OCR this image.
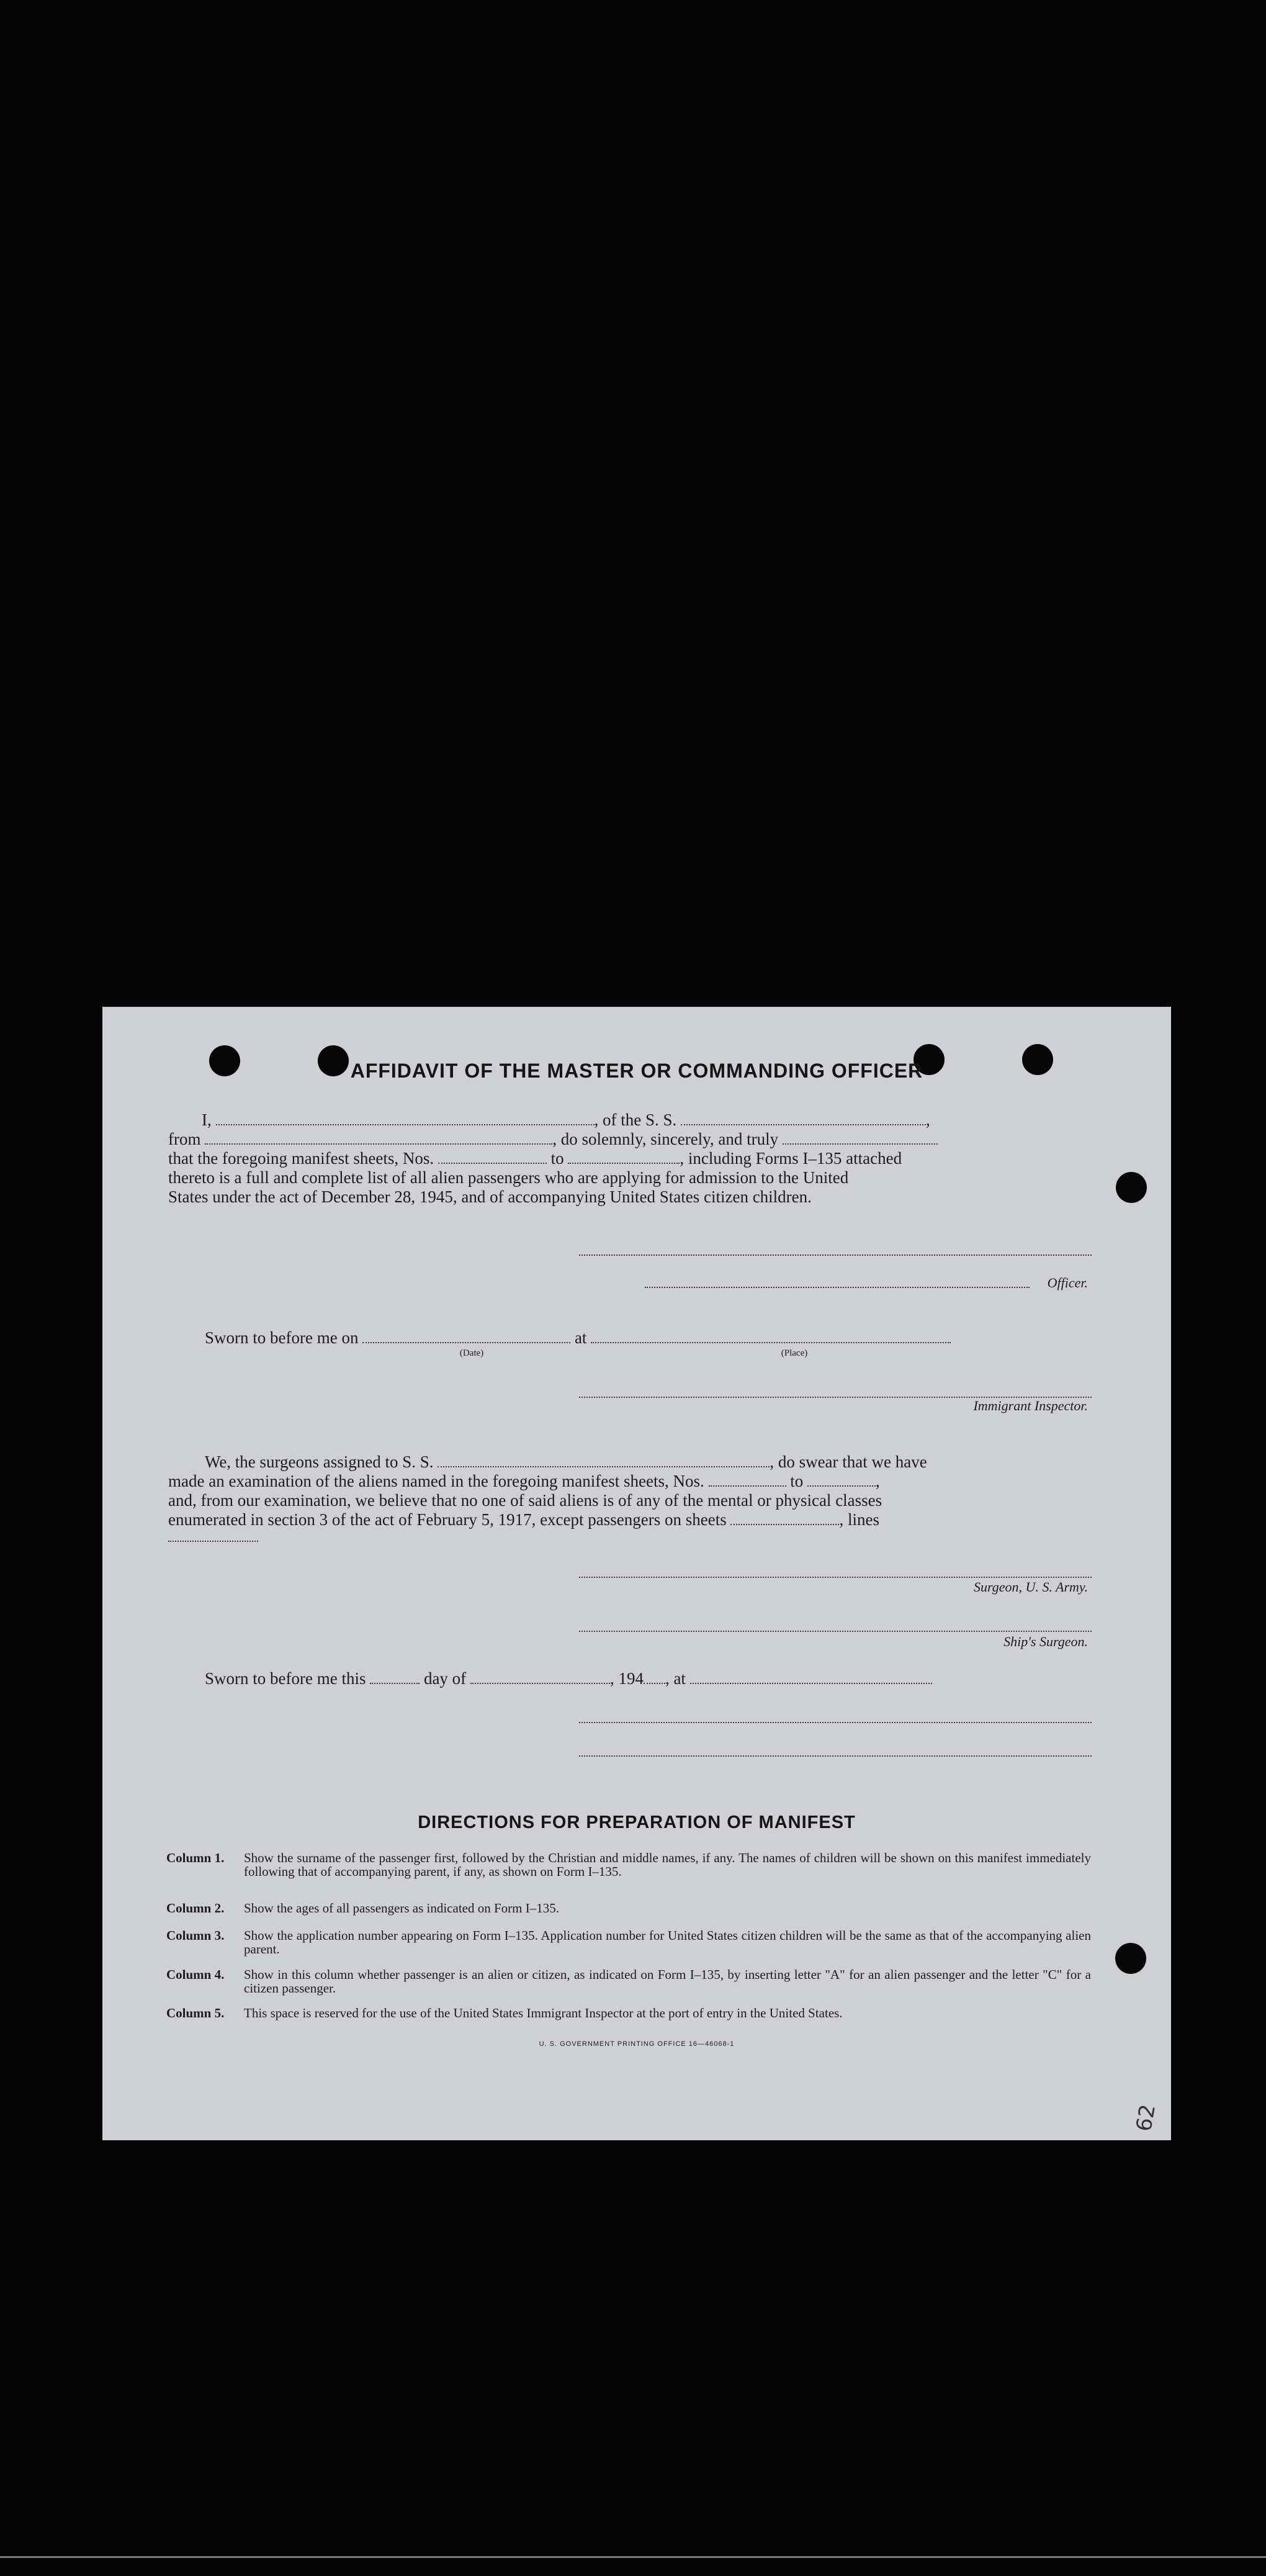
AFFIDAVIT OF THE MASTER OR COMMANDING OFFICER
I,	, of the S. S.	,
from	, do solemnly, sincerely, and truly
that the foregoing manifest sheets, Nos.	to	, including Forms I–135 attached
thereto is a full and complete list of all alien passengers who are applying for admission to the United
States under the act of December 28, 1945, and of accompanying United States citizen children.
Officer.
Sworn to before me on	at
(Date)	(Place)
Immigrant Inspector.
We, the surgeons assigned to S. S.	, do swear that we have
made an examination of the aliens named in the foregoing manifest sheets, Nos.	to	,
and, from our examination, we believe that no one of said aliens is of any of the mental or physical classes
enumerated in section 3 of the act of February 5, 1917, except passengers on sheets	, lines
Surgeon, U. S. Army.
Ship's Surgeon.
Sworn to before me this	day of	, 194 , at
DIRECTIONS FOR PREPARATION OF MANIFEST
Column 1. Show the surname of the passenger first, followed by the Christian and middle names, if any. The names of children will be shown on this manifest immediately following that of accompanying parent, if any, as shown on Form I–135.
Column 2. Show the ages of all passengers as indicated on Form I–135.
Column 3. Show the application number appearing on Form I–135. Application number for United States citizen children will be the same as that of the accompanying alien parent.
Column 4. Show in this column whether passenger is an alien or citizen, as indicated on Form I–135, by inserting letter "A" for an alien passenger and the letter "C" for a citizen passenger.
Column 5. This space is reserved for the use of the United States Immigrant Inspector at the port of entry in the United States.
U. S. GOVERNMENT PRINTING OFFICE 16—46068-1
62
